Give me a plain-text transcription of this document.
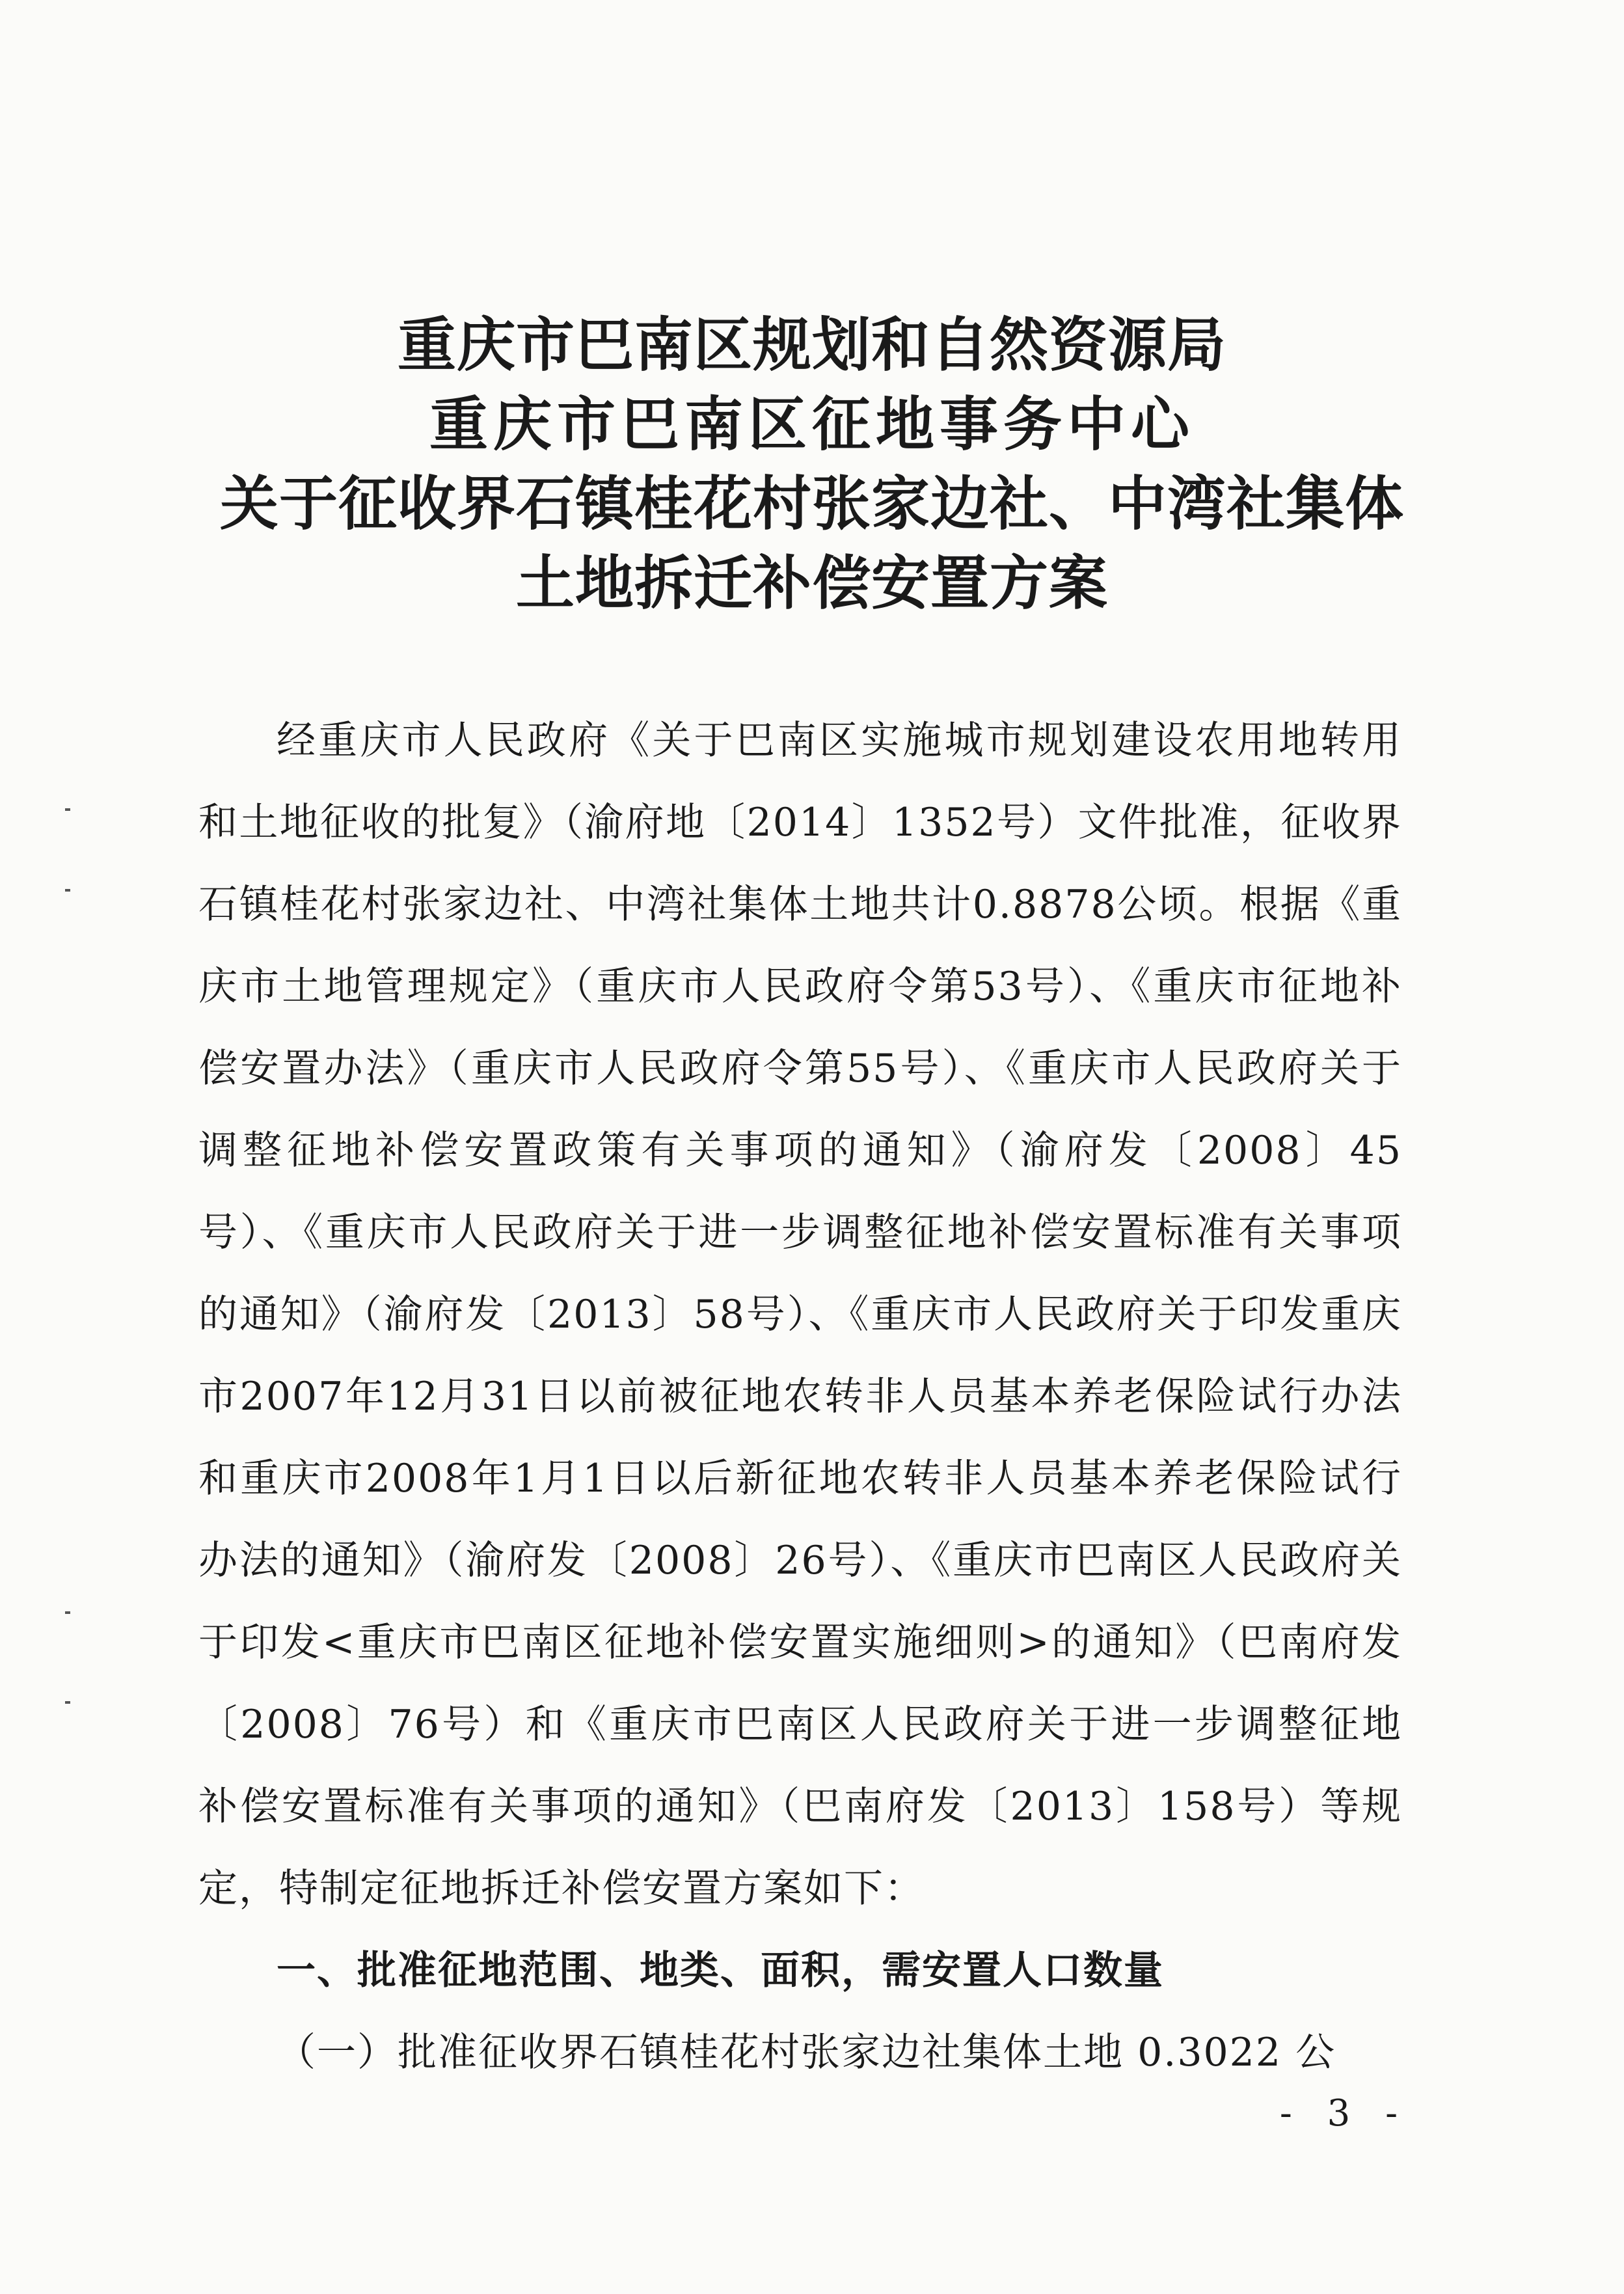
重庆市巴南区规划和自然资源局
重庆市巴南区征地事务中心
关于征收界石镇桂花村张家边社、中湾社集体
土地拆迁补偿安置方案

经重庆市人民政府《关于巴南区实施城市规划建设农用地转用和土地征收的批复》（渝府地〔2014〕1352号）文件批准，征收界石镇桂花村张家边社、中湾社集体土地共计0.8878公顷。根据《重庆市土地管理规定》（重庆市人民政府令第53号）、《重庆市征地补偿安置办法》（重庆市人民政府令第55号）、《重庆市人民政府关于调整征地补偿安置政策有关事项的通知》（渝府发〔2008〕45号）、《重庆市人民政府关于进一步调整征地补偿安置标准有关事项的通知》（渝府发〔2013〕58号）、《重庆市人民政府关于印发重庆市2007年12月31日以前被征地农转非人员基本养老保险试行办法和重庆市2008年1月1日以后新征地农转非人员基本养老保险试行办法的通知》（渝府发〔2008〕26号）、《重庆市巴南区人民政府关于印发<重庆市巴南区征地补偿安置实施细则>的通知》（巴南府发〔2008〕76号）和《重庆市巴南区人民政府关于进一步调整征地补偿安置标准有关事项的通知》（巴南府发〔2013〕158号）等规定，特制定征地拆迁补偿安置方案如下：

一、批准征地范围、地类、面积，需安置人口数量

（一）批准征收界石镇桂花村张家边社集体土地 0.3022 公

- 3 -
